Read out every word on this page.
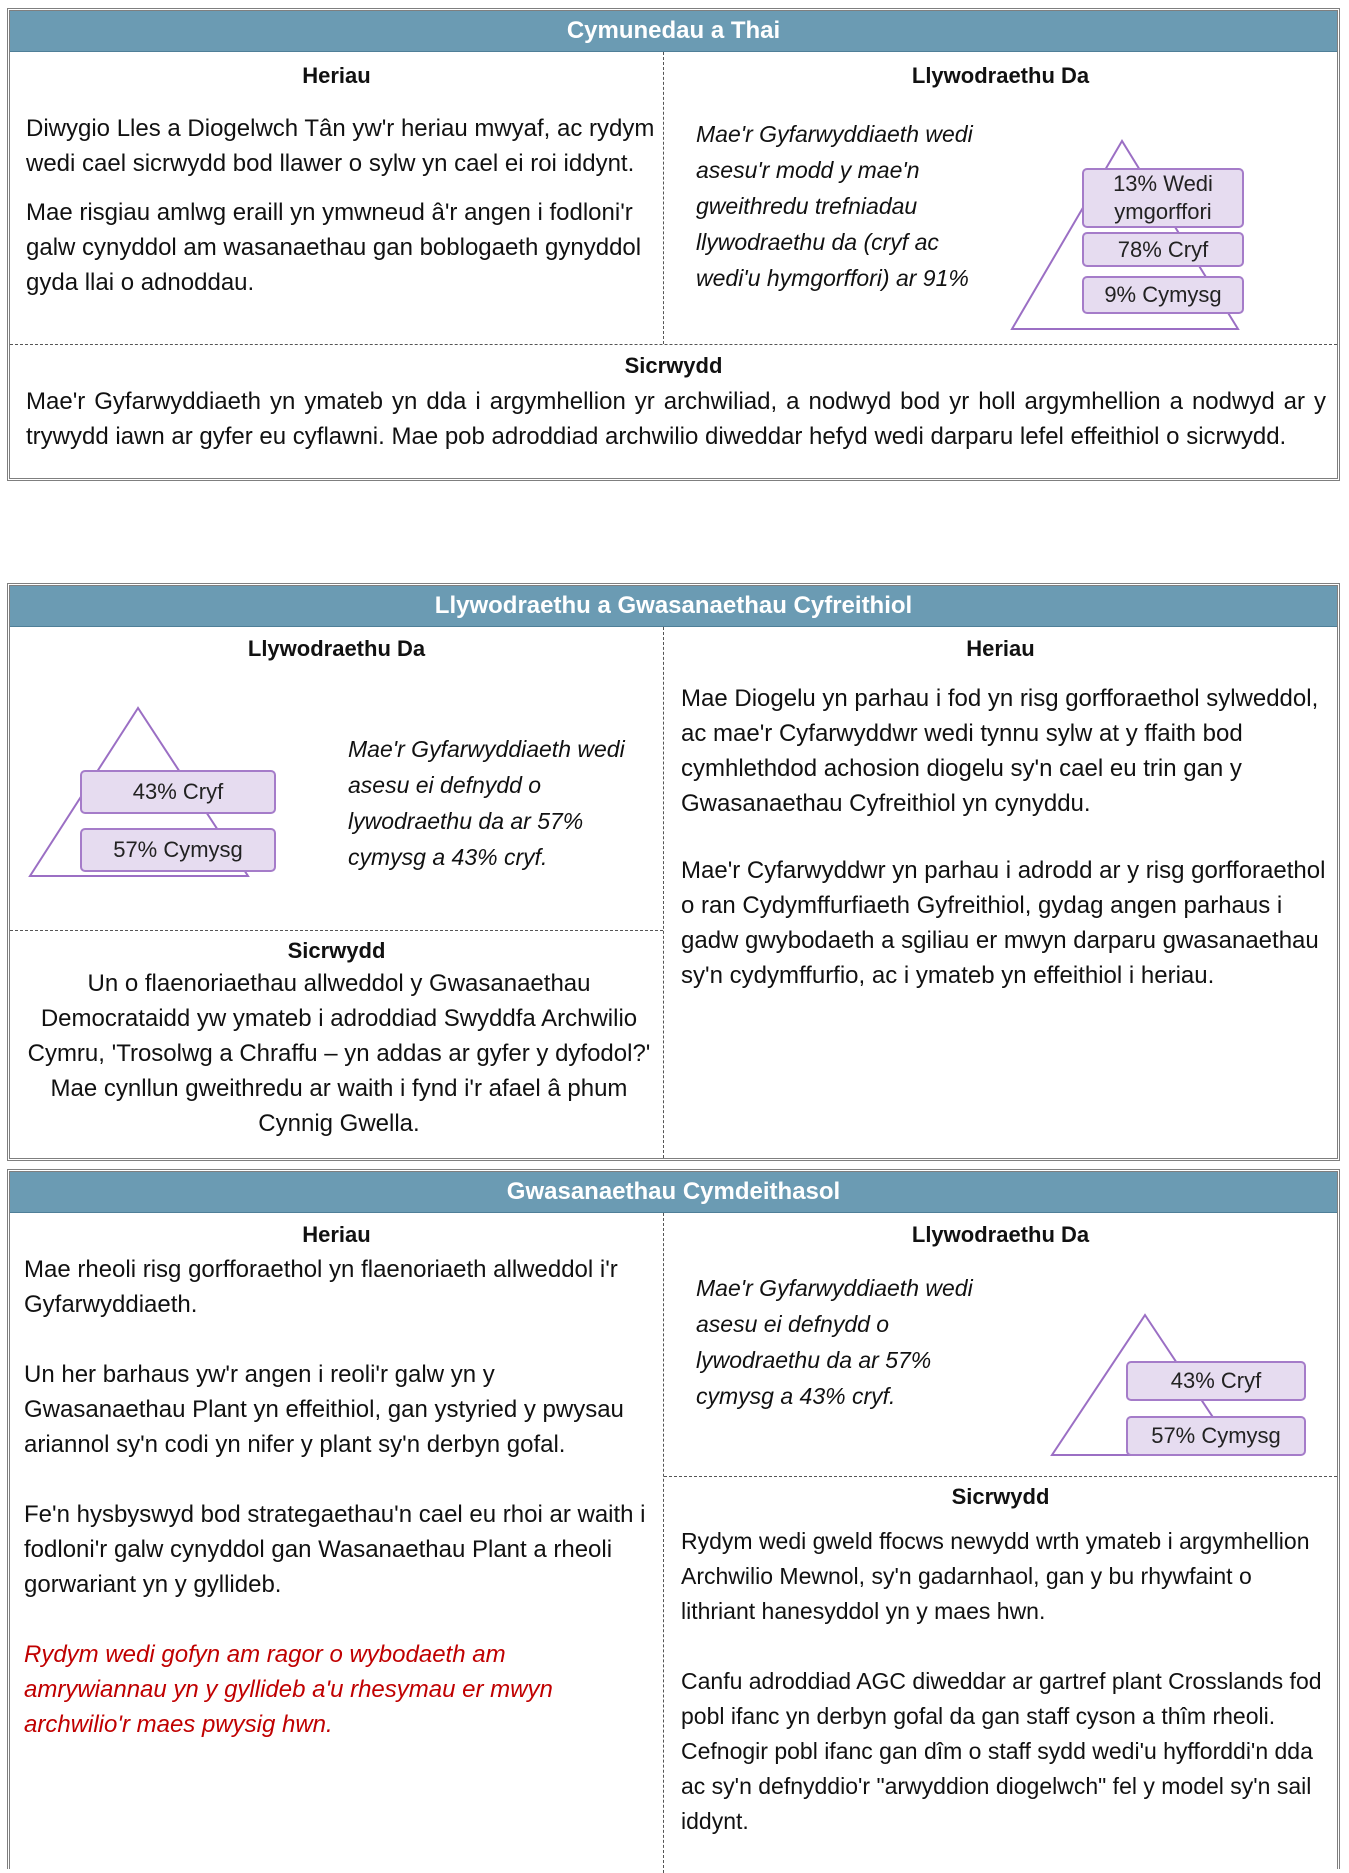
Cymunedau a Thai
Heriau

Diwygio Lles a Diogelwch Tân yw'r heriau mwyaf, ac rydym wedi cael sicrwydd bod llawer o sylw yn cael ei roi iddynt.

Mae risgiau amlwg eraill yn ymwneud â'r angen i fodloni'r galw cynyddol am wasanaethau gan boblogaeth gynyddol gyda llai o adnoddau.

Llywodraethu Da
Mae'r Gyfarwyddiaeth wedi asesu'r modd y mae'n gweithredu trefniadau llywodraethu da (cryf ac wedi'u hymgorffori) ar 91%
13% Wedi ymgorffori
78% Cryf
9% Cymysg
Sicrwydd
Mae'r Gyfarwyddiaeth yn ymateb yn dda i argymhellion yr archwiliad, a nodwyd bod yr holl argymhellion a nodwyd ar y trywydd iawn ar gyfer eu cyflawni. Mae pob adroddiad archwilio diweddar hefyd wedi darparu lefel effeithiol o sicrwydd.
Llywodraethu a Gwasanaethau Cyfreithiol
Llywodraethu Da
43% Cryf
57% Cymysg
Mae'r Gyfarwyddiaeth wedi asesu ei defnydd o lywodraethu da ar 57% cymysg a 43% cryf.
Sicrwydd
Un o flaenoriaethau allweddol y Gwasanaethau Democrataidd yw ymateb i adroddiad Swyddfa Archwilio Cymru, 'Trosolwg a Chraffu – yn addas ar gyfer y dyfodol?' Mae cynllun gweithredu ar waith i fynd i'r afael â phum Cynnig Gwella.
Heriau

Mae Diogelu yn parhau i fod yn risg gorfforaethol sylweddol, ac mae'r Cyfarwyddwr wedi tynnu sylw at y ffaith bod cymhlethdod achosion diogelu sy'n cael eu trin gan y Gwasanaethau Cyfreithiol yn cynyddu.

Mae'r Cyfarwyddwr yn parhau i adrodd ar y risg gorfforaethol o ran Cydymffurfiaeth Gyfreithiol, gydag angen parhaus i gadw gwybodaeth a sgiliau er mwyn darparu gwasanaethau sy'n cydymffurfio, ac i ymateb yn effeithiol i heriau.

Gwasanaethau Cymdeithasol
Heriau

Mae rheoli risg gorfforaethol yn flaenoriaeth allweddol i'r Gyfarwyddiaeth.

Un her barhaus yw'r angen i reoli'r galw yn y Gwasanaethau Plant yn effeithiol, gan ystyried y pwysau ariannol sy'n codi yn nifer y plant sy'n derbyn gofal.

Fe'n hysbyswyd bod strategaethau'n cael eu rhoi ar waith i fodloni'r galw cynyddol gan Wasanaethau Plant a rheoli gorwariant yn y gyllideb.

Rydym wedi gofyn am ragor o wybodaeth am amrywiannau yn y gyllideb a'u rhesymau er mwyn archwilio'r maes pwysig hwn.

Llywodraethu Da
Mae'r Gyfarwyddiaeth wedi asesu ei defnydd o lywodraethu da ar 57% cymysg a 43% cryf.
43% Cryf
57% Cymysg
Sicrwydd

Rydym wedi gweld ffocws newydd wrth ymateb i argymhellion Archwilio Mewnol, sy'n gadarnhaol, gan y bu rhywfaint o lithriant hanesyddol yn y maes hwn.

Canfu adroddiad AGC diweddar ar gartref plant Crosslands fod pobl ifanc yn derbyn gofal da gan staff cyson a thîm rheoli. Cefnogir pobl ifanc gan dîm o staff sydd wedi'u hyfforddi'n dda ac sy'n defnyddio'r "arwyddion diogelwch" fel y model sy'n sail iddynt.
